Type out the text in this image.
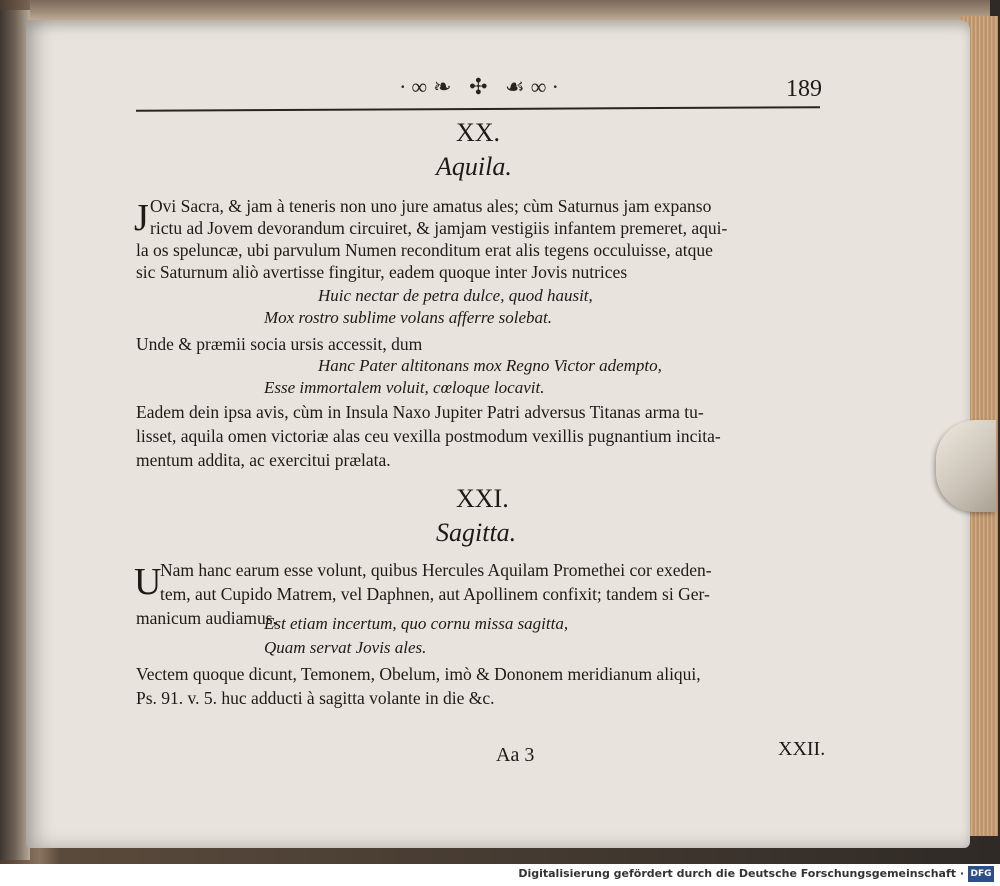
∙∞❧ ✣ ☙∞∙	189
XX.
Aquila.
J Ovi Sacra, & jam à teneris non uno jure amatus ales; cùm Saturnus jam expanso
rictu ad Jovem devorandum circuiret, & jamjam vestigiis infantem premeret, aqui-
la os speluncæ, ubi parvulum Numen reconditum erat alis tegens occuluisse, atque
sic Saturnum aliò avertisse fingitur, eadem quoque inter Jovis nutrices
Huic nectar de petra dulce, quod hausit,
Mox rostro sublime volans afferre solebat.
Unde & præmii socia ursis accessit, dum
Hanc Pater altitonans mox Regno Victor adempto,
Esse immortalem voluit, cœloque locavit.
Eadem dein ipsa avis, cùm in Insula Naxo Jupiter Patri adversus Titanas arma tu-
lisset, aquila omen victoriæ alas ceu vexilla postmodum vexillis pugnantium incita-
mentum addita, ac exercitui prælata.
XXI.
Sagitta.
U
Nam hanc earum esse volunt, quibus Hercules Aquilam Promethei cor exeden-
tem, aut Cupido Matrem, vel Daphnen, aut Apollinem confixit; tandem si Ger-
manicum audiamus,
Est etiam incertum, quo cornu missa sagitta,
Quam servat Jovis ales.
Vectem quoque dicunt, Temonem, Obelum, imò & Dononem meridianum aliqui,
Ps. 91. v. 5. huc adducti à sagitta volante in die &c.
Aa 3	XXII.
Digitalisierung gefördert durch die Deutsche Forschungsgemeinschaft · DFG
